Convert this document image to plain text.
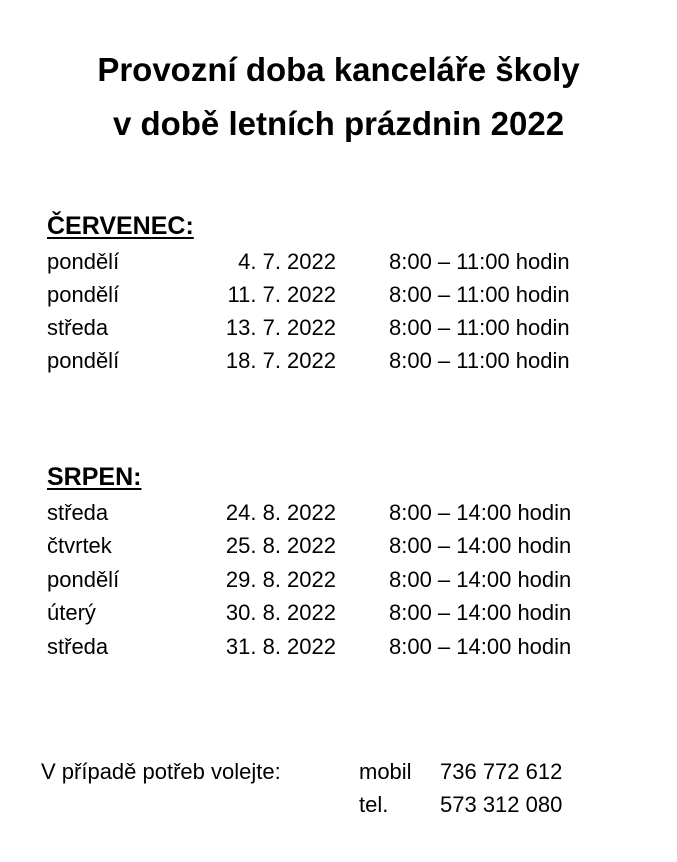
Provozní doba kanceláře školy
v době letních prázdnin 2022
ČERVENEC:
pondělí	4. 7. 2022 8:00 – 11:00 hodin
pondělí	11. 7. 2022 8:00 – 11:00 hodin
středa	13. 7. 2022 8:00 – 11:00 hodin
pondělí	18. 7. 2022 8:00 – 11:00 hodin
SRPEN:
středa	24. 8. 2022 8:00 – 14:00 hodin
čtvrtek	25. 8. 2022 8:00 – 14:00 hodin
pondělí	29. 8. 2022 8:00 – 14:00 hodin
úterý	30. 8. 2022 8:00 – 14:00 hodin
středa	31. 8. 2022 8:00 – 14:00 hodin
V případě potřeb volejte:	mobil 736 772 612
tel. 573 312 080
